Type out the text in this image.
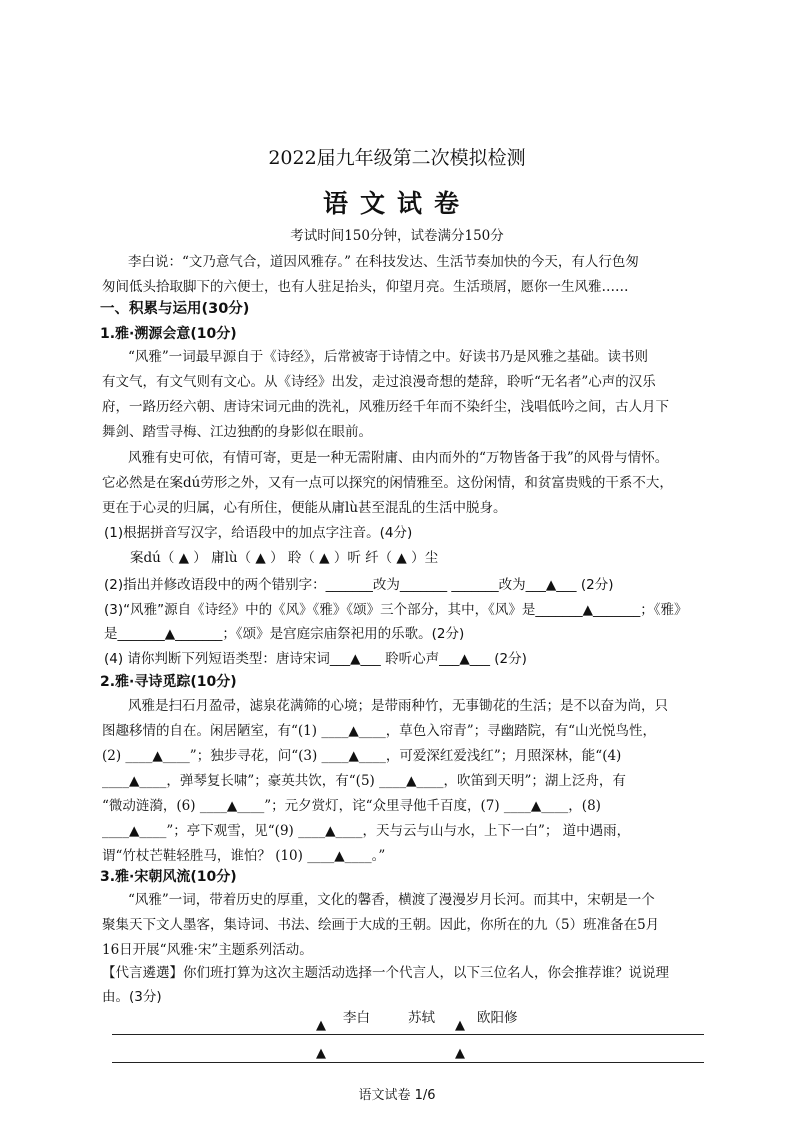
2022届九年级第二次模拟检测
语文试卷
考试时间150分钟，试卷满分150分
李白说：“文乃意气合，道因风雅存。” 在科技发达、生活节奏加快的今天，有人行色匆
匆间低头拾取脚下的六便士，也有人驻足抬头，仰望月亮。生活琐屑，愿你一生风雅……
一、积累与运用(30分)
1.雅·溯源会意(10分)
“风雅”一词最早源自于《诗经》，后常被寄于诗情之中。好读书乃是风雅之基础。读书则
有文气，有文气则有文心。从《诗经》出发，走过浪漫奇想的楚辞，聆听“无名者”心声的汉乐
府，一路历经六朝、唐诗宋词元曲的洗礼，风雅历经千年而不染纤尘，浅唱低吟之间，古人月下
舞剑、踏雪寻梅、江边独酌的身影似在眼前。
风雅有史可依，有情可寄，更是一种无需附庸、由内而外的“万物皆备于我”的风骨与情怀。
它必然是在案dú劳形之外，又有一点可以探究的闲情雅至。这份闲情，和贫富贵贱的干系不大，
更在于心灵的归属，心有所住，便能从庸lù甚至混乱的生活中脱身。
(1)根据拼音写汉字，给语段中的加点字注音。(4分)
案dú（ ▲ ） 庸lù（ ▲ ） 聆（ ▲ ）听 纤（ ▲ ）尘
(2)指出并修改语段中的两个错别字：_______改为_______ _______改为___▲___ (2分)
(3)“风雅”源自《诗经》中的《风》《雅》《颂》三个部分，其中，《风》是_______▲_______；《雅》
是_______▲_______；《颂》是宫庭宗庙祭祀用的乐歌。(2分)
(4) 请你判断下列短语类型：唐诗宋词___▲___ 聆听心声___▲___ (2分)
2.雅·寻诗觅踪(10分)
风雅是扫石月盈帚，滤泉花满筛的心境；是带雨种竹，无事锄花的生活；是不以奋为尚，只
图趣移情的自在。闲居陋室，有“(1) ____▲____，草色入帘青”；寻幽踏院，有“山光悦鸟性，
(2) ____▲____”；独步寻花，问“(3) ____▲____，可爱深红爱浅红”；月照深林，能“(4)
____▲____，弹琴复长啸”；豪英共饮，有“(5) ____▲____，吹笛到天明”；湖上泛舟，有
“微动涟漪，(6) ____▲____”；元夕赏灯，诧“众里寻他千百度，(7) ____▲____，(8)
____▲____”；亭下观雪，见“(9) ____▲____，天与云与山与水，上下一白”； 道中遇雨，
谓“竹杖芒鞋轻胜马，谁怕？ (10) ____▲____。”
3.雅·宋朝风流(10分)
“风雅”一词，带着历史的厚重，文化的馨香，横渡了漫漫岁月长河。而其中，宋朝是一个
聚集天下文人墨客，集诗词、书法、绘画于大成的王朝。因此，你所在的九（5）班准备在5月
16日开展“风雅·宋”主题系列活动。
【代言遴選】你们班打算为这次主题活动选择一个代言人，以下三位名人，你会推荐谁？说说理
由。(3分)
李白	苏轼	欧阳修
▲	▲
▲	▲
语文试卷 1/6
